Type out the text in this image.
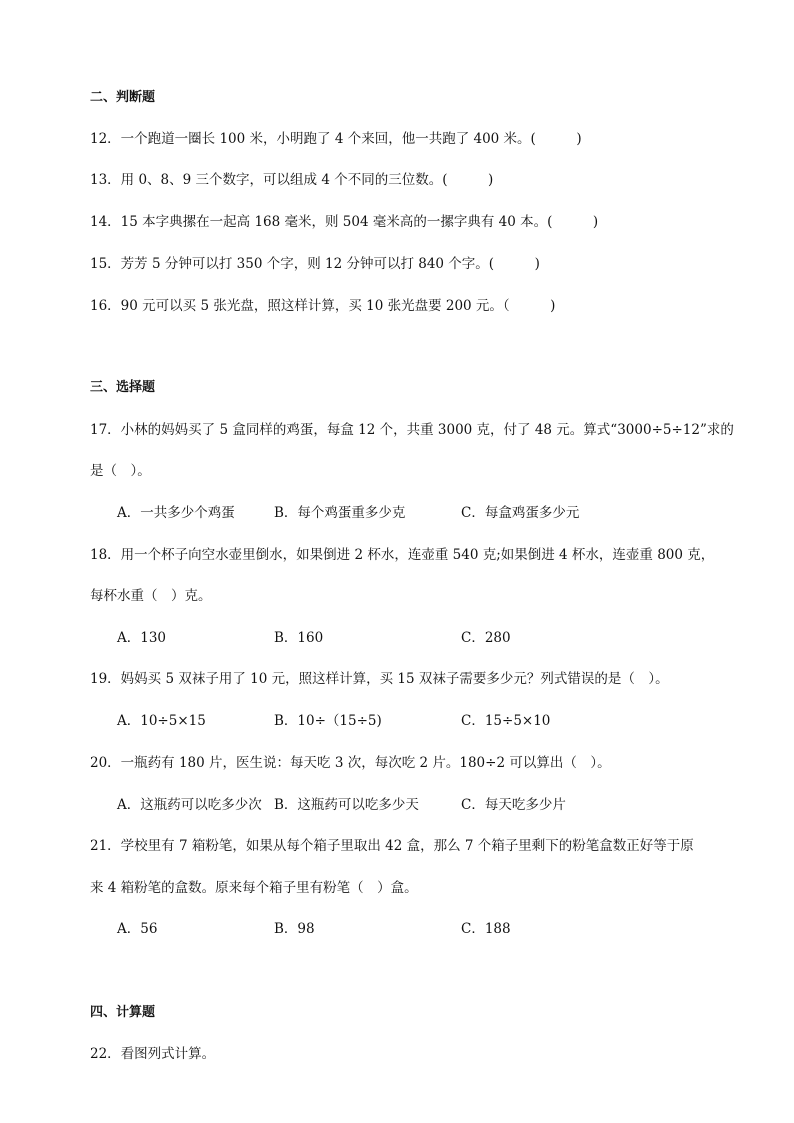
二、判断题
12．一个跑道一圈长 100 米，小明跑了 4 个来回，他一共跑了 400 米。(　　　)
13．用 0、8、9 三个数字，可以组成 4 个不同的三位数。(　　　)
14．15 本字典摞在一起高 168 毫米，则 504 毫米高的一摞字典有 40 本。(　　　)
15．芳芳 5 分钟可以打 350 个字，则 12 分钟可以打 840 个字。(　　　)
16．90 元可以买 5 张光盘，照这样计算，买 10 张光盘要 200 元。（　　　)
三、选择题
17．小林的妈妈买了 5 盒同样的鸡蛋，每盒 12 个，共重 3000 克，付了 48 元。算式“3000÷5÷12”求的
是（　）。
A．一共多少个鸡蛋	B．每个鸡蛋重多少克	C．每盒鸡蛋多少元
18．用一个杯子向空水壶里倒水，如果倒进 2 杯水，连壶重 540 克;如果倒进 4 杯水，连壶重 800 克，
每杯水重（　）克。
A．130	B．160	C．280
19．妈妈买 5 双袜子用了 10 元，照这样计算，买 15 双袜子需要多少元？列式错误的是（　）。
A．10÷5×15	B．10÷（15÷5)	C．15÷5×10
20．一瓶药有 180 片，医生说：每天吃 3 次，每次吃 2 片。180÷2 可以算出（　）。
A．这瓶药可以吃多少次 B．这瓶药可以吃多少天	C．每天吃多少片
21．学校里有 7 箱粉笔，如果从每个箱子里取出 42 盒，那么 7 个箱子里剩下的粉笔盒数正好等于原
来 4 箱粉笔的盒数。原来每个箱子里有粉笔（　）盒。
A．56	B．98	C．188
四、计算题
22．看图列式计算。
